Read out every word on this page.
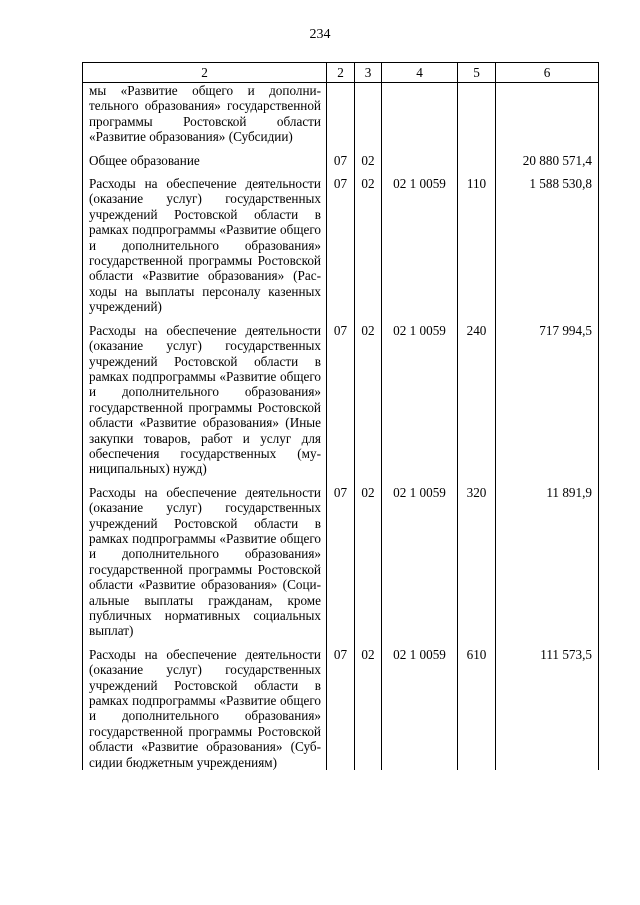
234
2	2	3	4	5	6
мы «Развитие общего и дополнительного образования» государственной программы Ростовской области «Развитие образования» (Субсидии)					
Общее образование	07	02			20 880 571,4
Расходы на обеспечение деятельности (оказание услуг) государственных учреждений Ростовской области в рамках подпрограммы «Развитие общего и дополнительного образования» государственной программы Ростовской области «Развитие образования» (Расходы на выплаты персоналу казенных учреждений)	07	02	02 1 0059	110	1 588 530,8
Расходы на обеспечение деятельности (оказание услуг) государственных учреждений Ростовской области в рамках подпрограммы «Развитие общего и дополнительного образования» государственной программы Ростовской области «Развитие образования» (Иные закупки товаров, работ и услуг для обеспечения государственных (муниципальных) нужд)	07	02	02 1 0059	240	717 994,5
Расходы на обеспечение деятельности (оказание услуг) государственных учреждений Ростовской области в рамках подпрограммы «Развитие общего и дополнительного образования» государственной программы Ростовской области «Развитие образования» (Социальные выплаты гражданам, кроме публичных нормативных социальных выплат)	07	02	02 1 0059	320	11 891,9
Расходы на обеспечение деятельности (оказание услуг) государственных учреждений Ростовской области в рамках подпрограммы «Развитие общего и дополнительного образования» государственной программы Ростовской области «Развитие образования» (Субсидии бюджетным учреждениям)	07	02	02 1 0059	610	111 573,5
